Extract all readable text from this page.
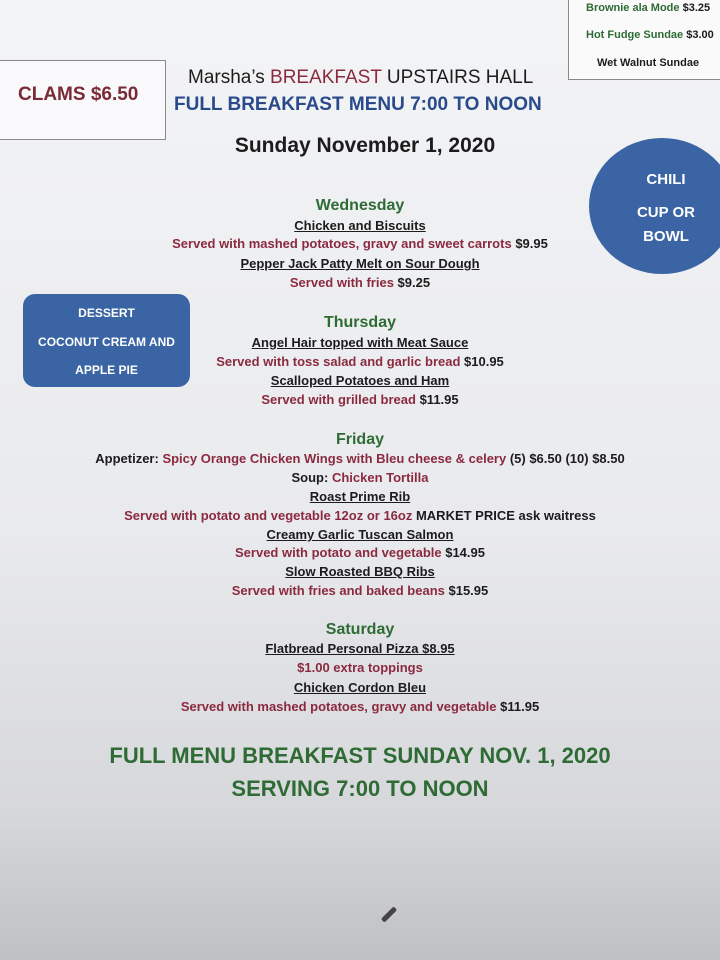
CLAMS $6.50
Brownie ala Mode $3.25
Hot Fudge Sundae $3.00
Wet Walnut Sundae
Marsha’s BREAKFAST UPSTAIRS HALL
FULL BREAKFAST MENU 7:00 TO NOON
Sunday November 1, 2020
CHILI
CUP OR
BOWL
DESSERT
COCONUT CREAM AND
APPLE PIE
Wednesday
Chicken and Biscuits
Served with mashed potatoes, gravy and sweet carrots $9.95
Pepper Jack Patty Melt on Sour Dough
Served with fries $9.25
Thursday
Angel Hair topped with Meat Sauce
Served with toss salad and garlic bread $10.95
Scalloped Potatoes and Ham
Served with grilled bread $11.95
Friday
Appetizer: Spicy Orange Chicken Wings with Bleu cheese & celery (5) $6.50 (10) $8.50
Soup: Chicken Tortilla
Roast Prime Rib
Served with potato and vegetable 12oz or 16oz MARKET PRICE ask waitress
Creamy Garlic Tuscan Salmon
Served with potato and vegetable $14.95
Slow Roasted BBQ Ribs
Served with fries and baked beans $15.95
Saturday
Flatbread Personal Pizza $8.95
$1.00 extra toppings
Chicken Cordon Bleu
Served with mashed potatoes, gravy and vegetable $11.95
FULL MENU BREAKFAST SUNDAY NOV. 1, 2020
SERVING 7:00 TO NOON
